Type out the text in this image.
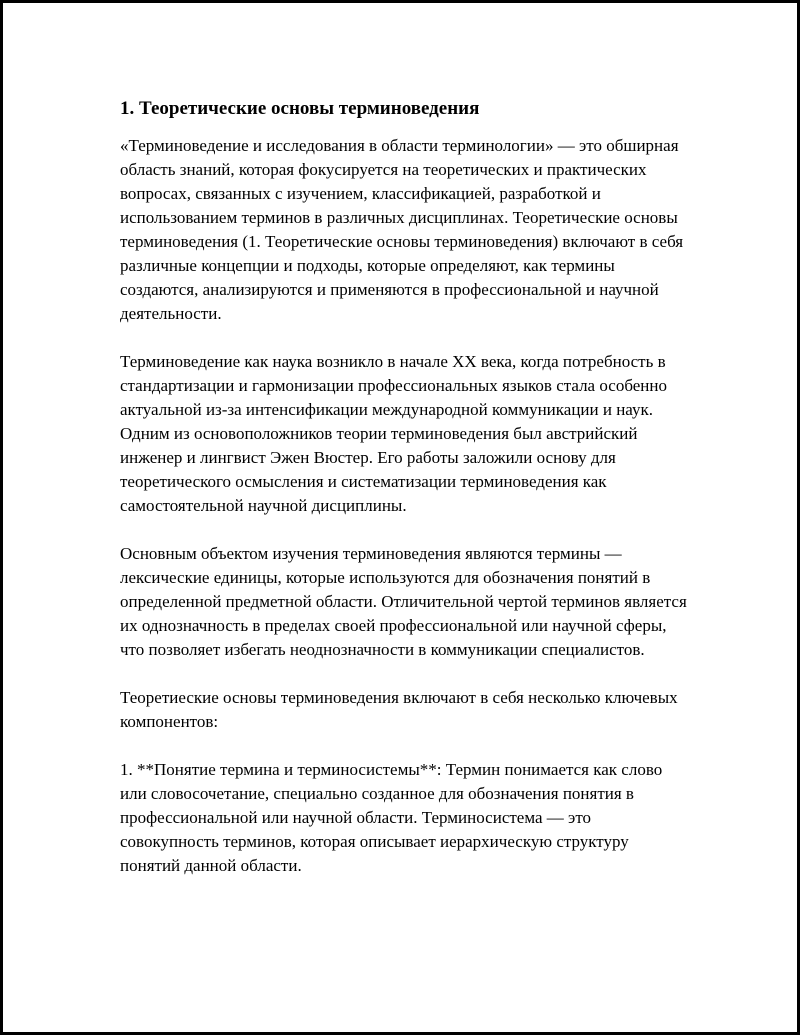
1. Теоретические основы терминоведения

«Терминоведение и исследования в области терминологии» — это обширная область знаний, которая фокусируется на теоретических и практических вопросах, связанных с изучением, классификацией, разработкой и использованием терминов в различных дисциплинах. Теоретические основы терминоведения (1. Теоретические основы терминоведения) включают в себя различные концепции и подходы, которые определяют, как термины создаются, анализируются и применяются в профессиональной и научной деятельности.

Терминоведение как наука возникло в начале XX века, когда потребность в стандартизации и гармонизации профессиональных языков стала особенно актуальной из-за интенсификации международной коммуникации и наук. Одним из основоположников теории терминоведения был австрийский инженер и лингвист Эжен Вюстер. Его работы заложили основу для теоретического осмысления и систематизации терминоведения как самостоятельной научной дисциплины.

Основным объектом изучения терминоведения являются термины — лексические единицы, которые используются для обозначения понятий в определенной предметной области. Отличительной чертой терминов является их однозначность в пределах своей профессиональной или научной сферы, что позволяет избегать неоднозначности в коммуникации специалистов.

Теоретиеские основы терминоведения включают в себя несколько ключевых компонентов:

1. **Понятие термина и терминосистемы**: Термин понимается как слово или словосочетание, специально созданное для обозначения понятия в профессиональной или научной области. Терминосистема — это совокупность терминов, которая описывает иерархическую структуру понятий данной области.
